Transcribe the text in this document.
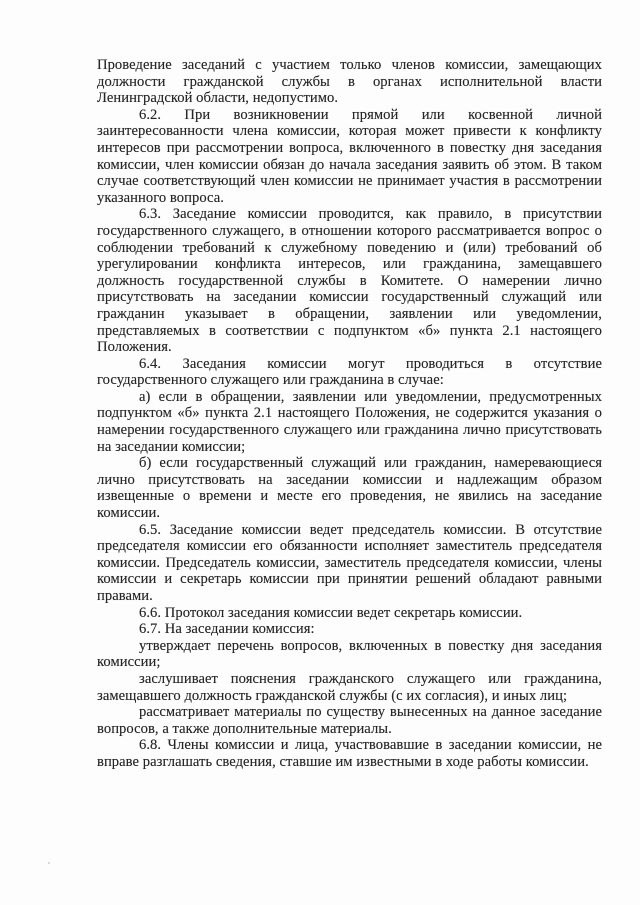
Проведение заседаний с участием только членов комиссии, замещающих должности гражданской службы в органах исполнительной власти Ленинградской области, недопустимо.

6.2. При возникновении прямой или косвенной личной заинтересованности члена комиссии, которая может привести к конфликту интересов при рассмотрении вопроса, включенного в повестку дня заседания комиссии, член комиссии обязан до начала заседания заявить об этом. В таком случае соответствующий член комиссии не принимает участия в рассмотрении указанного вопроса.

6.3. Заседание комиссии проводится, как правило, в присутствии государственного служащего, в отношении которого рассматривается вопрос о соблюдении требований к служебному поведению и (или) требований об урегулировании конфликта интересов, или гражданина, замещавшего должность государственной службы в Комитете. О намерении лично присутствовать на заседании комиссии государственный служащий или гражданин указывает в обращении, заявлении или уведомлении, представляемых в соответствии с подпунктом «б» пункта 2.1 настоящего Положения.

6.4. Заседания комиссии могут проводиться в отсутствие государственного служащего или гражданина в случае:

а) если в обращении, заявлении или уведомлении, предусмотренных подпунктом «б» пункта 2.1 настоящего Положения, не содержится указания о намерении государственного служащего или гражданина лично присутствовать на заседании комиссии;

б) если государственный служащий или гражданин, намеревающиеся лично присутствовать на заседании комиссии и надлежащим образом извещенные о времени и месте его проведения, не явились на заседание комиссии.

6.5. Заседание комиссии ведет председатель комиссии. В отсутствие председателя комиссии его обязанности исполняет заместитель председателя комиссии. Председатель комиссии, заместитель председателя комиссии, члены комиссии и секретарь комиссии при принятии решений обладают равными правами.

6.6. Протокол заседания комиссии ведет секретарь комиссии.

6.7. На заседании комиссия:

утверждает перечень вопросов, включенных в повестку дня заседания комиссии;

заслушивает пояснения гражданского служащего или гражданина, замещавшего должность гражданской службы (с их согласия), и иных лиц;

рассматривает материалы по существу вынесенных на данное заседание вопросов, а также дополнительные материалы.

6.8. Члены комиссии и лица, участвовавшие в заседании комиссии, не вправе разглашать сведения, ставшие им известными в ходе работы комиссии.
